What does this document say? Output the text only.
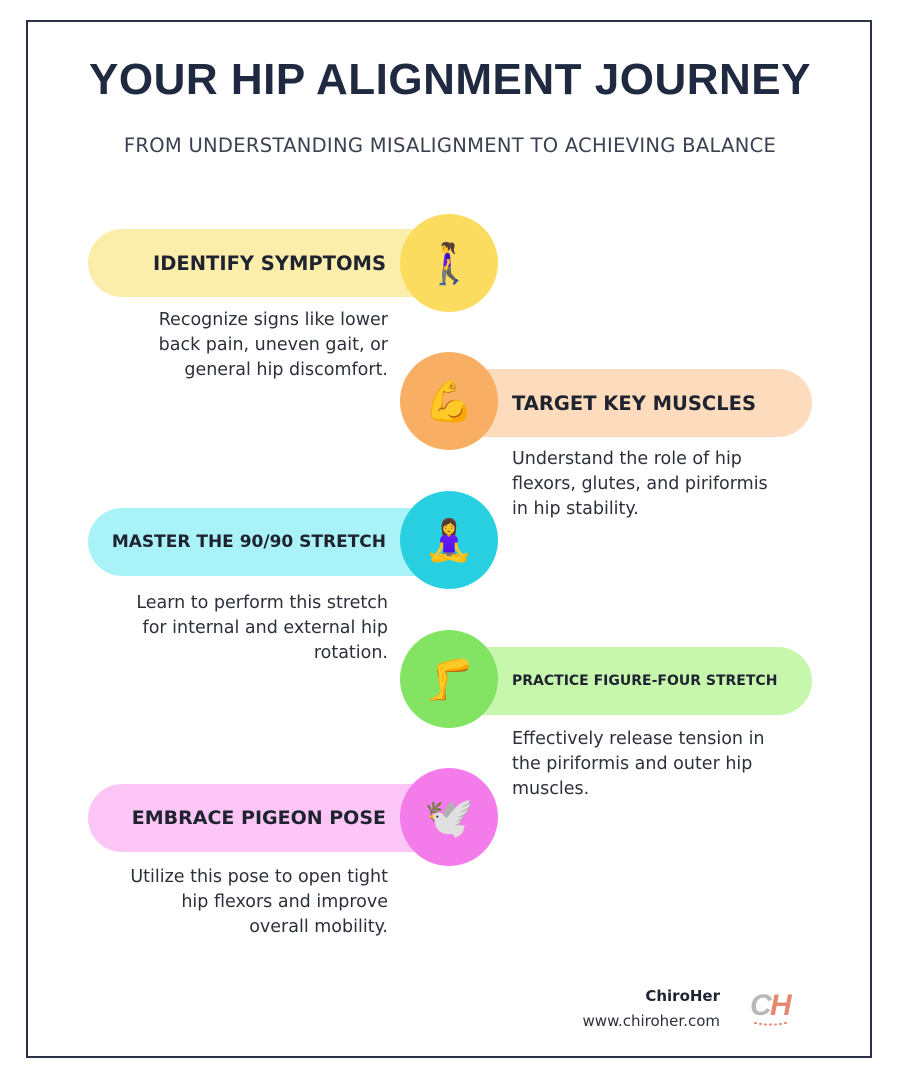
YOUR HIP ALIGNMENT JOURNEY

FROM UNDERSTANDING MISALIGNMENT TO ACHIEVING BALANCE

IDENTIFY SYMPTOMS 🚶‍♀️

Recognize signs like lower
back pain, uneven gait, or
general hip discomfort.

TARGET KEY MUSCLES
💪

Understand the role of hip
flexors, glutes, and piriformis
in hip stability.

MASTER THE 90/90 STRETCH 🧘‍♀️

Learn to perform this stretch
for internal and external hip
rotation.

PRACTICE FIGURE-FOUR STRETCH
🦵

Effectively release tension in
the piriformis and outer hip
muscles.

EMBRACE PIGEON POSE 🕊️

Utilize this pose to open tight
hip flexors and improve
overall mobility.

ChiroHer
www.chiroher.com C
H
